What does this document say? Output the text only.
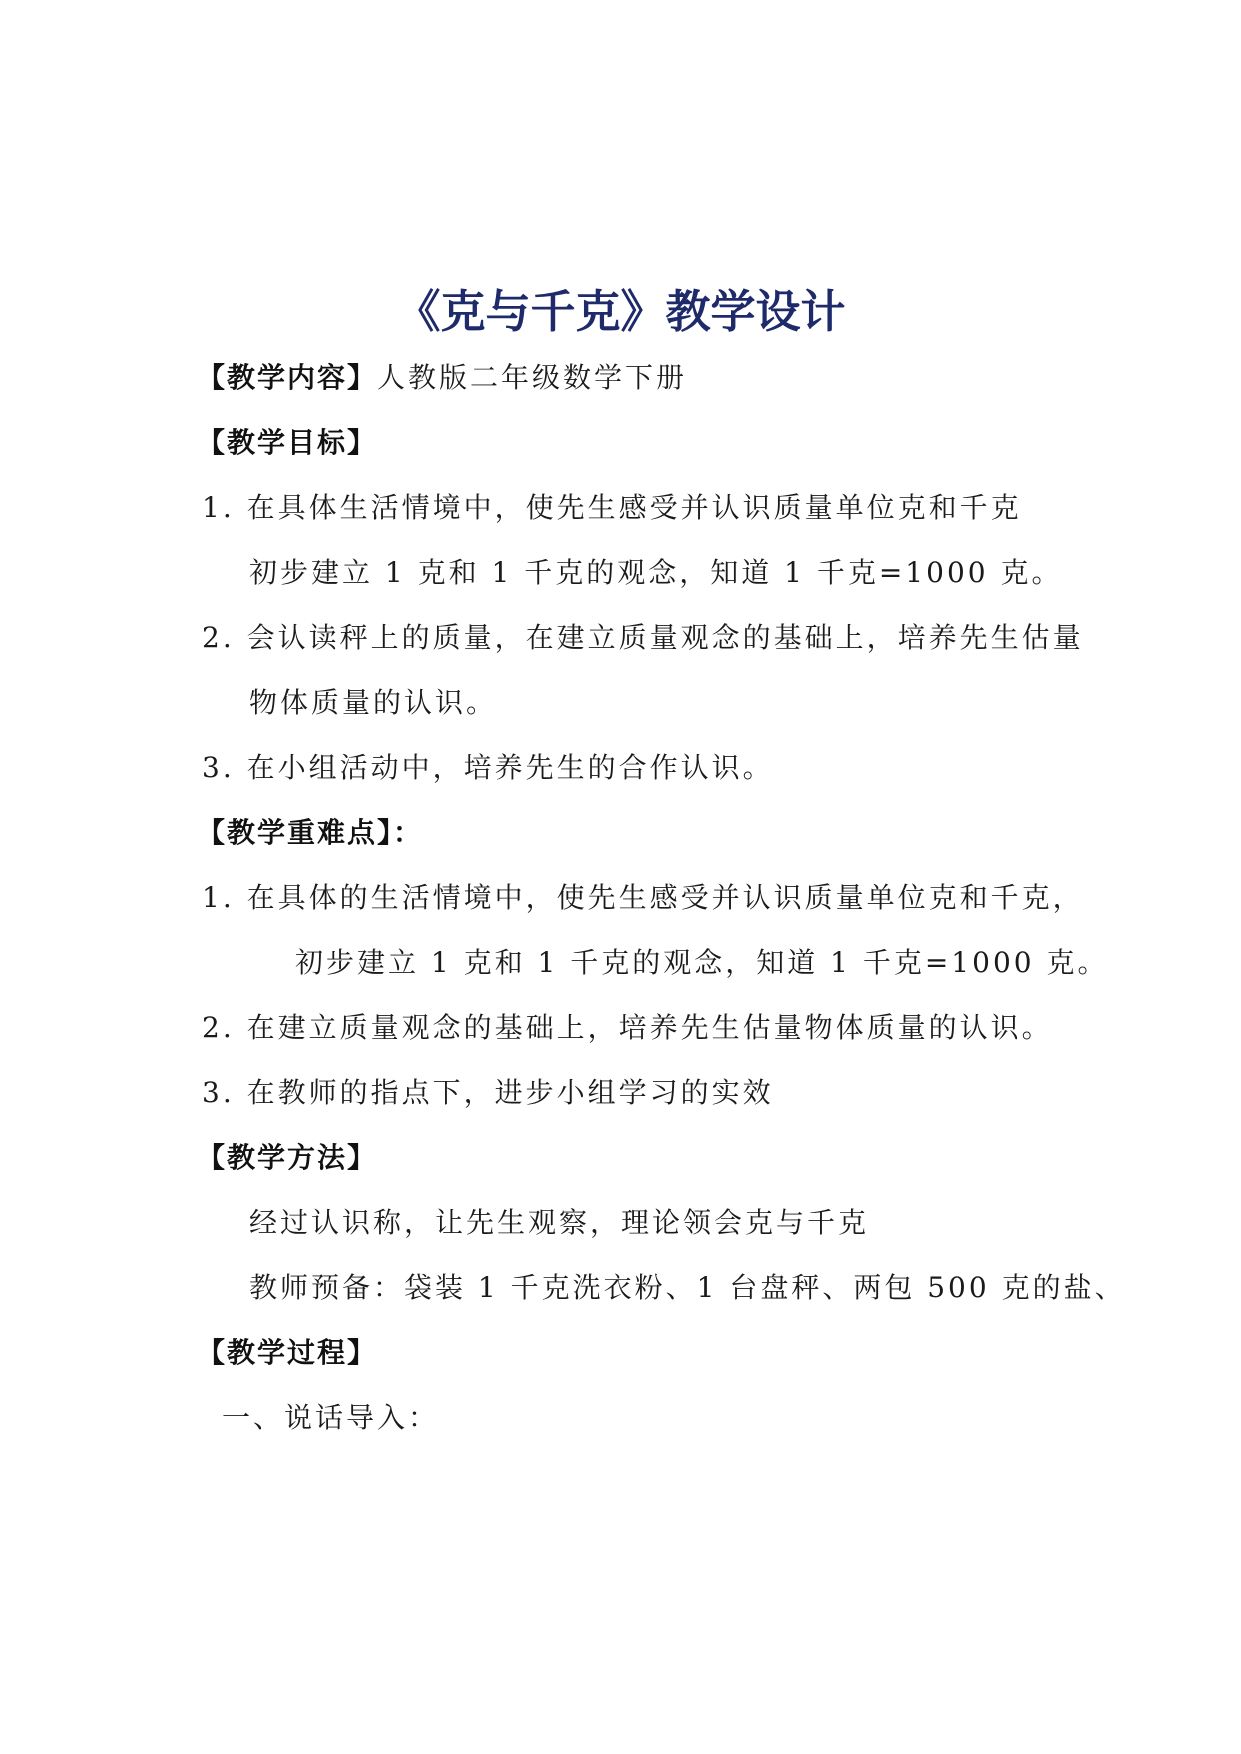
《克与千克》教学设计
【教学内容】人教版二年级数学下册
【教学目标】
1. 在具体生活情境中，使先生感受并认识质量单位克和千克
初步建立 1 克和 1 千克的观念，知道 1 千克=1000 克。
2. 会认读秤上的质量，在建立质量观念的基础上，培养先生估量
物体质量的认识。
3. 在小组活动中，培养先生的合作认识。
【教学重难点】：
1. 在具体的生活情境中，使先生感受并认识质量单位克和千克，
初步建立 1 克和 1 千克的观念，知道 1 千克=1000 克。
2. 在建立质量观念的基础上，培养先生估量物体质量的认识。
3. 在教师的指点下，进步小组学习的实效
【教学方法】
经过认识称，让先生观察，理论领会克与千克
教师预备：袋装 1 千克洗衣粉、1 台盘秤、两包 500 克的盐、
【教学过程】
一、说话导入：
